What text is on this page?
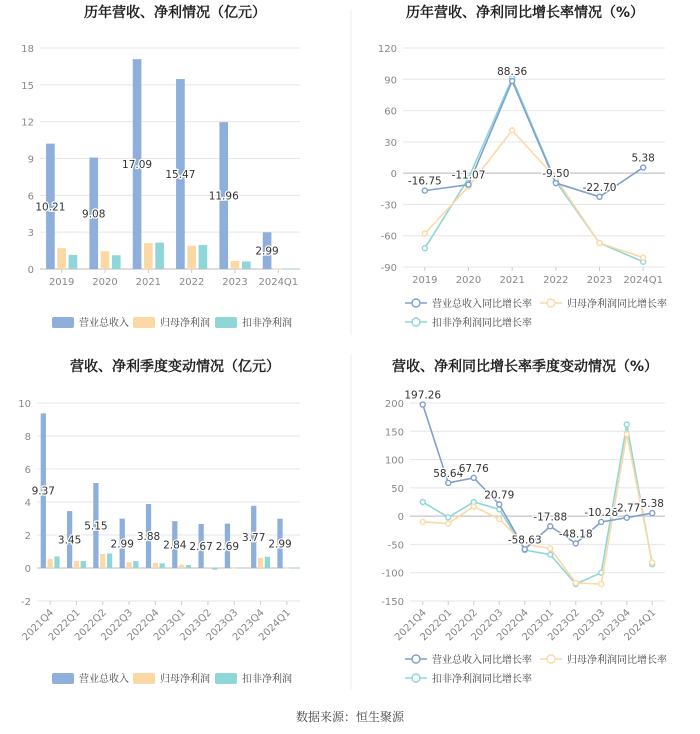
历年营收、净利情况（亿元）
0
3
6
9
12
15
18
2019 2020 2021 2022 2023 2024Q1
10.21
9.08
17.09
15.47
11.96
2.99
营业总收入	归母净利润	扣非净利润
历年营收、净利同比增长率情况（%）
-90
-60
-30
0
30
60
90
120
2019 2020 2021 2022 2023 2024Q1
-16.75 -11.07
88.36
-9.50
-22.70
5.38
营业总收入同比增长率	归母净利润同比增长率
扣非净利润同比增长率
营收、净利季度变动情况（亿元）
-2
0
2
4
6
8
10
2021Q4
2022Q1
2022Q2
2022Q3
2022Q4
2023Q1
2023Q2
2023Q3
2023Q4
2024Q1
9.37
3.45
5.15
2.99
3.88
2.84 2.67 2.69
3.77
2.99
营业总收入	归母净利润	扣非净利润
营收、净利同比增长率季度变动情况（%）
-150
-100
-50
0
50
100
150
200
2021Q4
2022Q1
2022Q2
2022Q3
2022Q4
2023Q1
2023Q2
2023Q3
2023Q4
2024Q1
197.26
58.64
67.76
20.79
-58.63
-17.88
-48.18
-10.28
-2.77 5.38
营业总收入同比增长率	归母净利润同比增长率
扣非净利润同比增长率
数据来源：恒生聚源
